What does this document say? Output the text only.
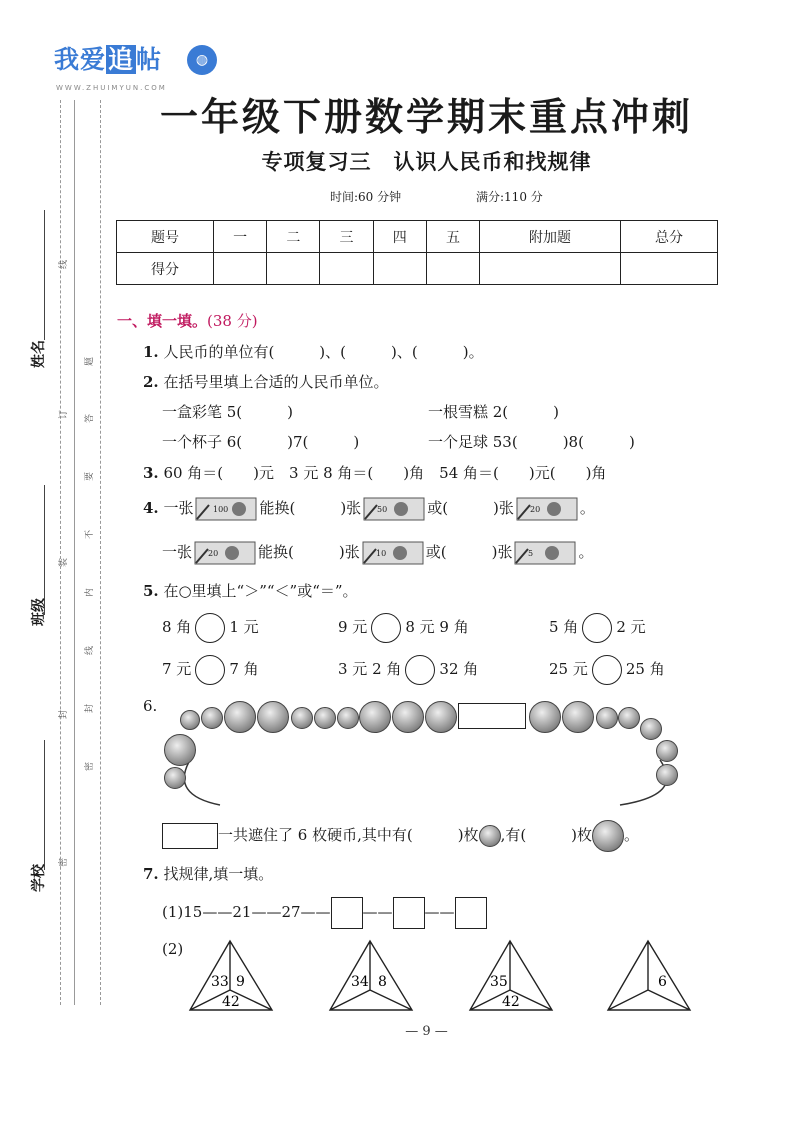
我爱追帖	◍
WWW.ZHUIMYUN.COM
姓名
班级
学校
线
订
装
封
密
题
答
要
不
内
线
封
密
一年级下册数学期末重点冲刺
专项复习三　认识人民币和找规律
时间:60 分钟	满分:110 分
题号	一	二	三	四	五	附加题	总分
得分							
一、填一填。(38 分)
1. 人民币的单位有(　　　)、(　　　)、(　　　)。
2. 在括号里填上合适的人民币单位。
一盒彩笔 5(　　　)	一根雪糕 2(　　　)
一个杯子 6(　　　)7(　　　)	一个足球 53(　　　)8(　　　)
3. 60 角＝(　　)元　 3 元 8 角＝(　　)角　 54 角＝(　　)元(　　)角
4. 一张	100 能换(　　　)张 50	或(　　　)张 20	。
一张 20	能换(　　　)张 10	或(　　　)张 5	。
5. 在○里填上“＞”“＜”或“＝”。
8 角	1 元	9 元	8 元 9 角	5 角	2 元
7 元	7 角	3 元 2 角	32 角	25 元	25 角
6.
一共遮住了 6 枚硬币,其中有(　　　)枚 ,有(　　　)枚 。
7. 找规律,填一填。
(1)15——21——27—— —— ——
(2)
33 9
42
34 8	35
42
6
— 9 —
